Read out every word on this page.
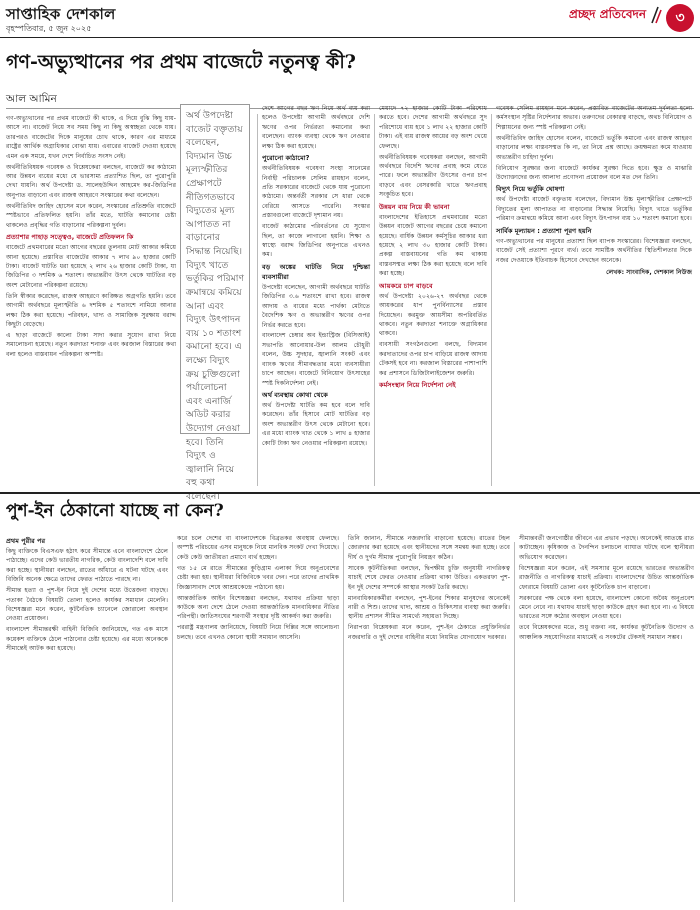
সাপ্তাহিক দেশকাল
বৃহস্পতিবার, ৫ জুন ২০২৫
প্রচ্ছদ প্রতিবেদন	৩
গণ-অভ্যুত্থানের পর প্রথম বাজেটে নতুনত্ব কী?
আল আমিন
গণ-অভ্যুত্থানের পর প্রথম বাজেটে কী থাকে, এ দিয়ে বুঝি কিছু যায়-আসে না। বাজেট নিয়ে সব সময় কিছু না কিছু অস্বচ্ছতা থেকে যায়। তারপরও বাজেটের দিকে মানুষের চোখ থাকে, কারণ এর মাধ্যমে রাষ্ট্রের আর্থিক অগ্রাধিকার বোঝা যায়। এবারের বাজেট দেওয়া হয়েছে এমন এক সময়ে, যখন দেশে নির্বাচিত সংসদ নেই।
অর্থনীতিবিষয়ক গবেষক ও বিশ্লেষকেরা বলছেন, বাজেটে কর কাঠামো আর উন্নয়ন ব্যয়ের মধ্যে যে ভারসাম্য প্রত্যাশিত ছিল, তা পুরোপুরি দেখা যায়নি। অর্থ উপদেষ্টা ড. সালেহউদ্দিন আহমেদ কর-জিডিপির অনুপাত বাড়ানো এবং রাজস্ব আহরণে সংস্কারের কথা বলেছেন।
অর্থনীতিবিদ জাহিদ হোসেন মনে করেন, সংস্কারের প্রতিশ্রুতি বাজেটে স্পষ্টভাবে প্রতিফলিত হয়নি। তাঁর মতে, ঘাটতি কমানোর চেষ্টা থাকলেও প্রবৃদ্ধির গতি বাড়ানোর পরিকল্পনা দুর্বল।
প্রত্যাশার পাহাড় সত্ত্বেও, বাজেটে প্রতিফলন কি
বাজেটে প্রথমবারের মতো আগের বছরের তুলনায় মোট আকার কমিয়ে আনা হয়েছে। প্রস্তাবিত বাজেটের আকার ৭ লাখ ৯০ হাজার কোটি টাকা। বাজেট ঘাটতি ধরা হয়েছে ২ লাখ ২৬ হাজার কোটি টাকা, যা জিডিপির ৩ দশমিক ৬ শতাংশ। অভ্যন্তরীণ উৎস থেকে ঘাটতির বড় অংশ মেটানোর পরিকল্পনা রয়েছে।
তিনি স্বীকার করেছেন, রাজস্ব আহরণে কাঙ্ক্ষিত অগ্রগতি হয়নি। তবে আগামী অর্থবছরে মূল্যস্ফীতি ৬ দশমিক ৫ শতাংশে নামিয়ে আনার লক্ষ্য ঠিক করা হয়েছে। পরিবহন, খাদ্য ও সামাজিক সুরক্ষায় বরাদ্দ কিছুটা বেড়েছে।
এ ছাড়া বাজেটে কালো টাকা সাদা করার সুযোগ রাখা নিয়ে সমালোচনা হয়েছে। নতুন করদাতা শনাক্ত এবং করজাল বিস্তারের কথা বলা হলেও বাস্তবায়ন পরিকল্পনা অস্পষ্ট।
অর্থ উপদেষ্টা বাজেট বক্তৃতায় বলেছেন, বিদ্যমান উচ্চ মূল্যস্ফীতির প্রেক্ষাপটে নীতিগতভাবে বিদ্যুতের মূল্য আপাতত না বাড়ানোর সিদ্ধান্ত নিয়েছি। বিদ্যুৎ খাতে ভর্তুকির পরিমাণ ক্রমান্বয়ে কমিয়ে আনা এবং বিদ্যুৎ উৎপাদন ব্যয় ১০ শতাংশ কমানো হবে। এ লক্ষ্যে বিদ্যুৎ ক্রয় চুক্তিগুলো পর্যালোচনা এবং এনার্জি অডিট করার উদ্যোগ নেওয়া হবে। তিনি বিদ্যুৎ ও জ্বালানি নিয়ে বহু কথা বলেছেন।
দেশে আগের বছর ঋণ নিয়ে অর্থ ব্যয় করা হলেও উপদেষ্টা আগামী অর্থবছরে দেশি ঋণের ওপর নির্ভরতা কমানোর কথা বলেছেন। ব্যাংক ব্যবস্থা থেকে ঋণ নেওয়ার লক্ষ্য ঠিক করা হয়েছে।
পুরোনো কাঠামো?
অর্থনীতিবিষয়ক গবেষণা সংস্থা সানেমের নির্বাহী পরিচালক সেলিম রায়হান বলেন, প্রতি সরকারের বাজেটে থেকে যায় পুরোনো কাঠামো। অন্তর্বর্তী সরকার সে ধারা থেকে বেরিয়ে আসতে পারেনি। সংস্কার প্রস্তাবগুলো বাজেটে দৃশ্যমান নয়।
বাজেট কাঠামোর পরিবর্তনের যে সুযোগ ছিল, তা কাজে লাগানো হয়নি। শিক্ষা ও স্বাস্থ্যে বরাদ্দ জিডিপির অনুপাতে এখনও কম।
বড় অঙ্কের ঘাটতি নিয়ে দুশ্চিন্তা ব্যবসায়ীরা
উপদেষ্টা বলেছেন, আগামী অর্থবছরে ঘাটতি জিডিপির ৩.৬ শতাংশে রাখা হবে। রাজস্ব আদায় ও ব্যয়ের মধ্যে পার্থক্য মেটাতে বৈদেশিক ঋণ ও অভ্যন্তরীণ ঋণের ওপর নির্ভর করতে হবে।
বাংলাদেশ চেম্বার অব ইন্ডাস্ট্রিজ (বিসিআই) সভাপতি আনোয়ার-উল আলম চৌধুরী বলেন, উচ্চ সুদহার, জ্বালানি সংকট এবং ব্যাংক ঋণের সীমাবদ্ধতার মধ্যে ব্যবসায়ীরা চাপে আছেন। বাজেটে বিনিয়োগ উৎসাহের স্পষ্ট দিকনির্দেশনা নেই।
অর্থ ব্যবস্থায় কোথা থেকে
অর্থ উপদেষ্টা ঘাটতি কম হবে বলে দাবি করেছেন। তাঁর হিসাবে মোট ঘাটতির বড় অংশ অভ্যন্তরীণ উৎস থেকে মেটানো হবে। এর মধ্যে ব্যাংক খাত থেকে ১ লাখ ৪ হাজার কোটি টাকা ঋণ নেওয়ার পরিকল্পনা রয়েছে।
মেয়াদে ৭২ হাজার কোটি টাকা পরিশোধ করতে হবে। দেশের আগামী অর্থবছরে সুদ পরিশোধে ব্যয় হবে ১ লাখ ২২ হাজার কোটি টাকা। এই ব্যয় রাজস্ব আয়ের বড় অংশ খেয়ে ফেলছে।
অর্থনীতিবিষয়ক গবেষকরা বলছেন, আগামী অর্থবছরে বিদেশি ঋণের প্রবাহ কমে যেতে পারে। ফলে অভ্যন্তরীণ উৎসের ওপর চাপ বাড়বে এবং বেসরকারি খাতে ঋণপ্রবাহ সংকুচিত হবে।
উন্নয়ন ব্যয় নিয়ে কী ভাবনা
বাংলাদেশের ইতিহাসে প্রথমবারের মতো উন্নয়ন বাজেট আগের বছরের চেয়ে কমানো হয়েছে। বার্ষিক উন্নয়ন কর্মসূচির আকার ধরা হয়েছে ২ লাখ ৩০ হাজার কোটি টাকা। প্রকল্প বাস্তবায়নের গতি কম থাকায় বাস্তবসম্মত লক্ষ্য ঠিক করা হয়েছে বলে দাবি করা হচ্ছে।
আয়করে চাপ বাড়বে
অর্থ উপদেষ্টা ২০২৬-২৭ অর্থবছর থেকে আয়করের ধাপ পুনর্বিন্যাসের প্রস্তাব দিয়েছেন। করমুক্ত আয়সীমা অপরিবর্তিত থাকবে। নতুন করদাতা শনাক্তে অগ্রাধিকার থাকবে।
ব্যবসায়ী সংগঠনগুলো বলছে, বিদ্যমান করদাতাদের ওপর চাপ বাড়িয়ে রাজস্ব আদায় টেকসই হবে না। করজাল বিস্তারের পাশাপাশি কর প্রশাসনে ডিজিটালাইজেশন জরুরি।
কর্মসংস্থান নিয়ে নির্দেশনা নেই
গবেষক সেলিম রায়হান মনে করেন, প্রস্তাবিত বাজেটের অন্যতম দুর্বলতা হলো কর্মসংস্থান সৃষ্টির নির্দেশনার অভাব। তরুণদের বেকারত্ব বাড়ছে, অথচ বিনিয়োগ ও শিল্পায়নের জন্য স্পষ্ট পরিকল্পনা নেই।
অর্থনীতিবিদ জাহিদ হোসেন বলেন, বাজেটে ভর্তুকি কমানো এবং রাজস্ব আহরণ বাড়ানোর লক্ষ্য বাস্তবসম্মত কি না, তা নিয়ে প্রশ্ন আছে। ক্রয়ক্ষমতা কমে যাওয়ায় অভ্যন্তরীণ চাহিদা দুর্বল।
বিনিয়োগ সুরক্ষার জন্য বাজেটে কার্যকর সুরক্ষা দিতে হবে। ক্ষুদ্র ও মাঝারি উদ্যোক্তাদের জন্য আলাদা প্রণোদনা প্রয়োজন বলে মত দেন তিনি।
বিদ্যুৎ নিয়ে ভর্তুকি ঘোষণা
অর্থ উপদেষ্টা বাজেট বক্তৃতায় বলেছেন, বিদ্যমান উচ্চ মূল্যস্ফীতির প্রেক্ষাপটে বিদ্যুতের মূল্য আপাতত না বাড়ানোর সিদ্ধান্ত নিয়েছি। বিদ্যুৎ খাতে ভর্তুকির পরিমাণ ক্রমান্বয়ে কমিয়ে আনা এবং বিদ্যুৎ উৎপাদন ব্যয় ১০ শতাংশ কমানো হবে।
সার্বিক মূল্যায়ন : প্রত্যাশা পূরণ হয়নি
গণ-অভ্যুত্থানের পর মানুষের প্রত্যাশা ছিল ব্যাপক সংস্কারের। বিশেষজ্ঞরা বলছেন, বাজেট সেই প্রত্যাশা পূরণে ব্যর্থ। তবে সামষ্টিক অর্থনীতির স্থিতিশীলতার দিকে নজর দেওয়াকে ইতিবাচক হিসেবে দেখছেন অনেকে।
লেখক: সাংবাদিক, দেশকাল নিউজ
পুশ-ইন ঠেকানো যাচ্ছে না কেন?
প্রথম পুরীর পর
কিছু ব্যক্তিকে বিএসএফ হঠাৎ করে সীমান্তে এনে বাংলাদেশে ঠেলে পাঠাচ্ছে। এদের কেউ ভারতীয় নাগরিক, কেউ বাংলাদেশি বলে দাবি করা হচ্ছে। স্থানীয়রা বলছেন, রাতের আঁধারে এ ঘটনা ঘটছে এবং বিজিবি অনেক ক্ষেত্রে তাদের ফেরত পাঠাতে পারছে না।
সীমান্ত হত্যা ও পুশ-ইন নিয়ে দুই দেশের মধ্যে উত্তেজনা বাড়ছে। পতাকা বৈঠকে বিষয়টি তোলা হলেও কার্যকর সমাধান মেলেনি। বিশেষজ্ঞরা মনে করেন, কূটনৈতিক চ্যানেলে জোরালো অবস্থান নেওয়া প্রয়োজন।
বাংলাদেশ সীমান্তরক্ষী বাহিনী বিজিবি জানিয়েছে, গত এক মাসে কয়েকশ ব্যক্তিকে ঠেলে পাঠানোর চেষ্টা হয়েছে। এর মধ্যে অনেককে সীমান্তেই আটক করা হয়েছে।
করে চলে দেশের বা বাংলাদেশকে বিব্রতকর অবস্থায় ফেলছে। অস্পষ্ট পরিচয়ের এসব মানুষকে নিয়ে মানবিক সংকট দেখা দিয়েছে। কেউ কেউ জাতীয়তা প্রমাণে ব্যর্থ হচ্ছেন।
গত ১৫ মে রাতে সীমান্তের কুড়িগ্রাম এলাকা দিয়ে অনুপ্রবেশের চেষ্টা করা হয়। স্থানীয়রা বিজিবিকে খবর দেন। পরে তাদের প্রাথমিক জিজ্ঞাসাবাদ শেষে আশ্রয়কেন্দ্রে পাঠানো হয়।
আন্তর্জাতিক আইন বিশেষজ্ঞরা বলছেন, যথাযথ প্রক্রিয়া ছাড়া কাউকে অন্য দেশে ঠেলে দেওয়া আন্তর্জাতিক মানবাধিকার নীতির পরিপন্থী। জাতিসংঘের শরণার্থী সংস্থার দৃষ্টি আকর্ষণ করা জরুরি।
পররাষ্ট্র মন্ত্রণালয় জানিয়েছে, বিষয়টি নিয়ে দিল্লির সঙ্গে আলোচনা চলছে। তবে এখনও কোনো স্থায়ী সমাধান আসেনি।
তিনি জানান, সীমান্তে নজরদারি বাড়ানো হয়েছে। রাতের টহল জোরদার করা হয়েছে এবং স্থানীয়দের সঙ্গে সমন্বয় করা হচ্ছে। তবে দীর্ঘ ও দুর্গম সীমান্ত পুরোপুরি নিয়ন্ত্রণ কঠিন।
সাবেক কূটনীতিকরা বলছেন, দ্বিপক্ষীয় চুক্তি অনুযায়ী নাগরিকত্ব যাচাই শেষে ফেরত নেওয়ার প্রক্রিয়া থাকা উচিত। একতরফা পুশ-ইন দুই দেশের সম্পর্কে আস্থার সংকট তৈরি করছে।
মানবাধিকারকর্মীরা বলছেন, পুশ-ইনের শিকার মানুষদের অনেকেই নারী ও শিশু। তাদের খাদ্য, আশ্রয় ও চিকিৎসার ব্যবস্থা করা জরুরি। স্থানীয় প্রশাসন সীমিত সামর্থ্যে সহায়তা দিচ্ছে।
নিরাপত্তা বিশ্লেষকরা মনে করেন, পুশ-ইন ঠেকাতে প্রযুক্তিনির্ভর নজরদারি ও দুই দেশের বাহিনীর মধ্যে নিয়মিত যোগাযোগ দরকার।
সীমান্তবর্তী জনগোষ্ঠীর জীবনে এর প্রভাব পড়ছে। অনেকেই আতঙ্কে রাত কাটাচ্ছেন। কৃষিকাজ ও দৈনন্দিন চলাচলে ব্যাঘাত ঘটছে বলে স্থানীয়রা অভিযোগ করেছেন।
বিশেষজ্ঞরা মনে করেন, এই সমস্যার মূলে রয়েছে ভারতের অভ্যন্তরীণ রাজনীতি ও নাগরিকত্ব যাচাই প্রক্রিয়া। বাংলাদেশের উচিত আন্তর্জাতিক ফোরামে বিষয়টি তোলা এবং কূটনৈতিক চাপ বাড়ানো।
সরকারের পক্ষ থেকে বলা হয়েছে, বাংলাদেশ কোনো অবৈধ অনুপ্রবেশ মেনে নেবে না। যথাযথ যাচাই ছাড়া কাউকে গ্রহণ করা হবে না। এ বিষয়ে ভারতের সঙ্গে কঠোর অবস্থান নেওয়া হবে।
তবে বিশ্লেষকদের মতে, শুধু বক্তব্য নয়, কার্যকর কূটনৈতিক উদ্যোগ ও আঞ্চলিক সহযোগিতার মাধ্যমেই এ সংকটের টেকসই সমাধান সম্ভব।
